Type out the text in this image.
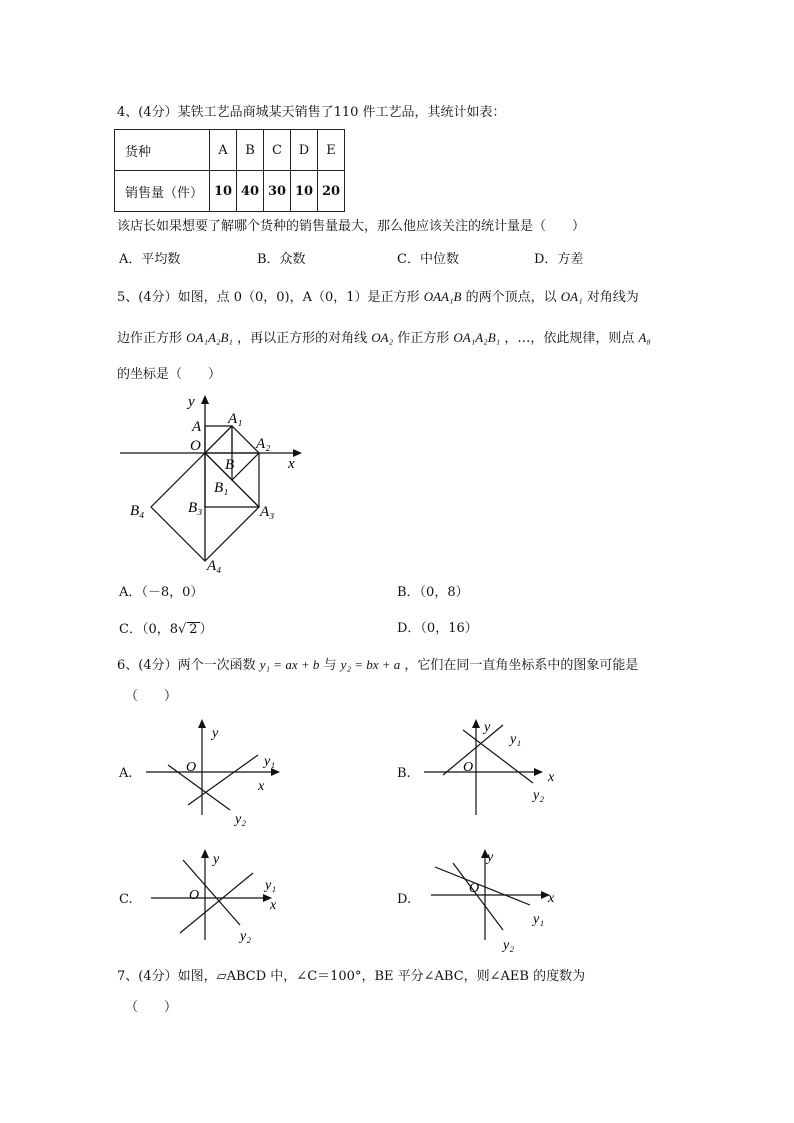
4、(4分）某铁工艺品商城某天销售了110 件工艺品，其统计如表：
货种	A	B	C	D	E
销售量（件）	10	40	30	10	20
该店长如果想要了解哪个货种的销售量最大，那么他应该关注的统计量是（　　）
A．平均数	B．众数	C．中位数	D．方差
5、(4分）如图，点 0（0，0)，A（0，1）是正方形 OAA₁B 的两个顶点，以 OA₁ 对角线为
边作正方形 OA₁A₂B₁ ，再以正方形的对角线 OA₂ 作正方形 OA₁A₂B₁ ，…，依此规律，则点 A₈
的坐标是（　　）
y
A A₁
O	A₂
x
B
B₁
B₄	B₃	A₃
A₄
A．（－8，0）	B．（0，8）
C．（0，8√ 2 ）	D．（0，16）
6、(4分）两个一次函数 y₁ = ax + b 与 y₂ = bx + a ，它们在同一直角坐标系中的图象可能是
（　　）
A.
y
O	y₁
x
y₂
B.
y
O
y₁
x
y₂
C.
y
O
y₁
x
y₂
D.
y
O
x
y₁
y₂
7、(4分）如图，▱ABCD 中，∠C＝100°，BE 平分∠ABC，则∠AEB 的度数为
（　　）
